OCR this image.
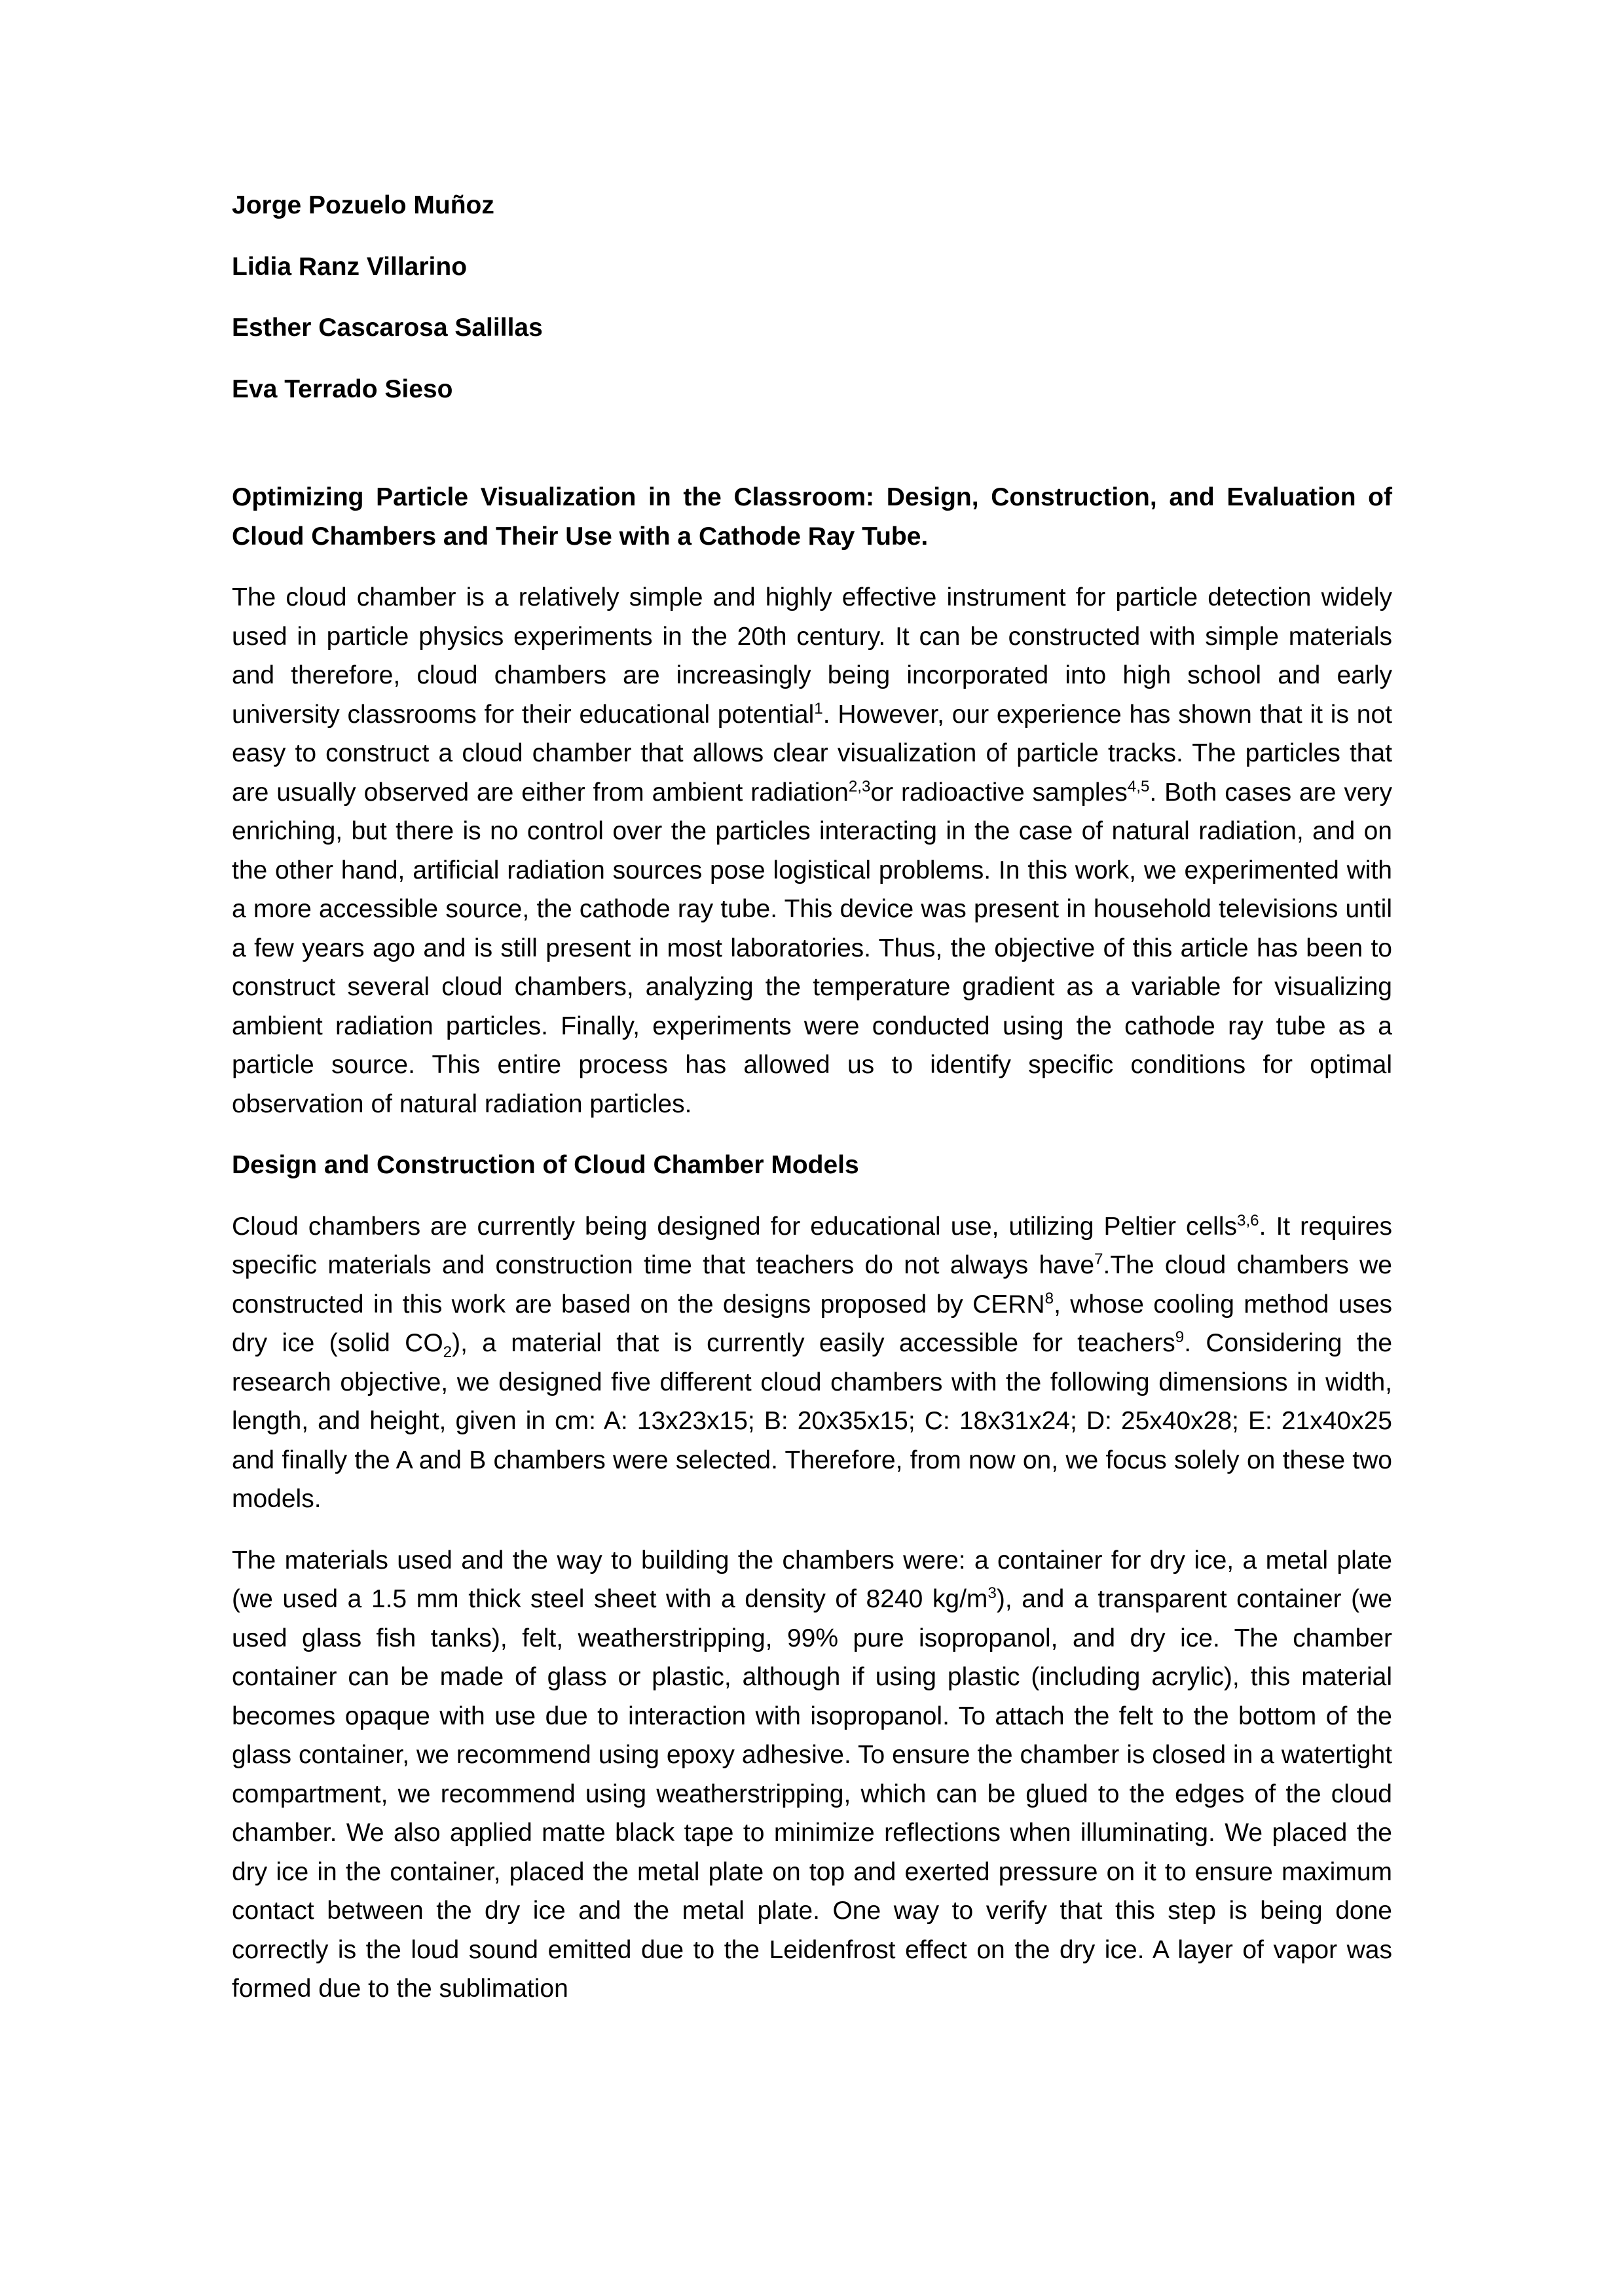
Jorge Pozuelo Muñoz

Lidia Ranz Villarino

Esther Cascarosa Salillas

Eva Terrado Sieso

Optimizing Particle Visualization in the Classroom: Design, Construction, and Evaluation of Cloud Chambers and Their Use with a Cathode Ray Tube.

The cloud chamber is a relatively simple and highly effective instrument for particle detection widely used in particle physics experiments in the 20th century. It can be constructed with simple materials and therefore, cloud chambers are increasingly being incorporated into high school and early university classrooms for their educational potential$^1$. However, our experience has shown that it is not easy to construct a cloud chamber that allows clear visualization of particle tracks. The particles that are usually observed are either from ambient radiation$^{2,3}$or radioactive samples$^{4,5}$. Both cases are very enriching, but there is no control over the particles interacting in the case of natural radiation, and on the other hand, artificial radiation sources pose logistical problems. In this work, we experimented with a more accessible source, the cathode ray tube. This device was present in household televisions until a few years ago and is still present in most laboratories. Thus, the objective of this article has been to construct several cloud chambers, analyzing the temperature gradient as a variable for visualizing ambient radiation particles. Finally, experiments were conducted using the cathode ray tube as a particle source. This entire process has allowed us to identify specific conditions for optimal observation of natural radiation particles.

Design and Construction of Cloud Chamber Models

Cloud chambers are currently being designed for educational use, utilizing Peltier cells$^{3,6}$. It requires specific materials and construction time that teachers do not always have$^7$.The cloud chambers we constructed in this work are based on the designs proposed by CERN$^8$, whose cooling method uses dry ice (solid $CO_2$), a material that is currently easily accessible for teachers$^9$. Considering the research objective, we designed five different cloud chambers with the following dimensions in width, length, and height, given in cm: A: 13x23x15; B: 20x35x15; C: 18x31x24; D: 25x40x28; E: 21x40x25 and finally the A and B chambers were selected. Therefore, from now on, we focus solely on these two models.

The materials used and the way to building the chambers were: a container for dry ice, a metal plate (we used a 1.5 mm thick steel sheet with a density of 8240 $kg/m^3$), and a transparent container (we used glass fish tanks), felt, weatherstripping, 99% pure isopropanol, and dry ice. The chamber container can be made of glass or plastic, although if using plastic (including acrylic), this material becomes opaque with use due to interaction with isopropanol. To attach the felt to the bottom of the glass container, we recommend using epoxy adhesive. To ensure the chamber is closed in a watertight compartment, we recommend using weatherstripping, which can be glued to the edges of the cloud chamber. We also applied matte black tape to minimize reflections when illuminating. We placed the dry ice in the container, placed the metal plate on top and exerted pressure on it to ensure maximum contact between the dry ice and the metal plate. One way to verify that this step is being done correctly is the loud sound emitted due to the Leidenfrost effect on the dry ice. A layer of vapor was formed due to the sublimation
